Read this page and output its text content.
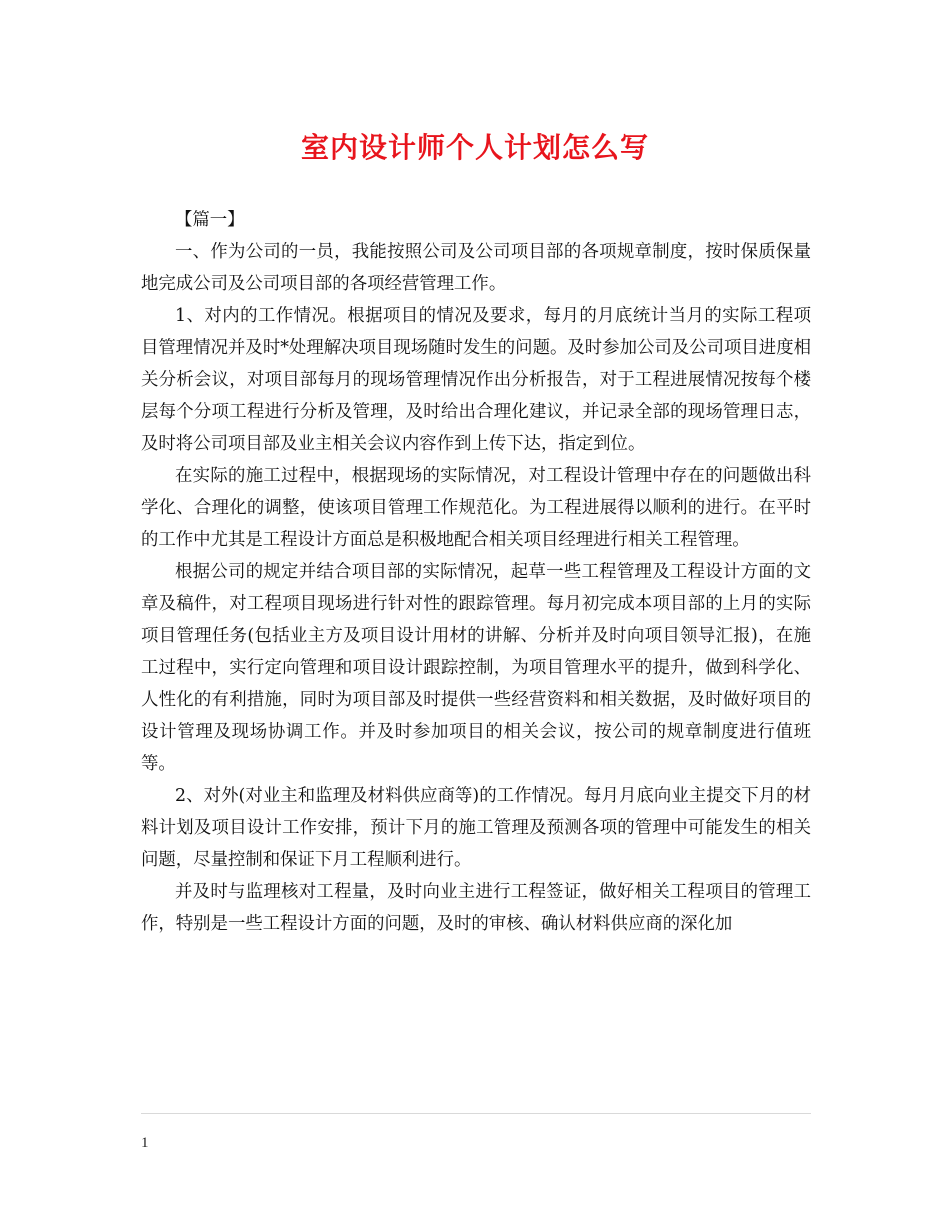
室内设计师个人计划怎么写

【篇一】

一、作为公司的一员，我能按照公司及公司项目部的各项规章制度，按时保质保量地完成公司及公司项目部的各项经营管理工作。

1、对内的工作情况。根据项目的情况及要求，每月的月底统计当月的实际工程项目管理情况并及时*处理解决项目现场随时发生的问题。及时参加公司及公司项目进度相关分析会议，对项目部每月的现场管理情况作出分析报告，对于工程进展情况按每个楼层每个分项工程进行分析及管理，及时给出合理化建议，并记录全部的现场管理日志，及时将公司项目部及业主相关会议内容作到上传下达，指定到位。

在实际的施工过程中，根据现场的实际情况，对工程设计管理中存在的问题做出科学化、合理化的调整，使该项目管理工作规范化。为工程进展得以顺利的进行。在平时的工作中尤其是工程设计方面总是积极地配合相关项目经理进行相关工程管理。

根据公司的规定并结合项目部的实际情况，起草一些工程管理及工程设计方面的文章及稿件，对工程项目现场进行针对性的跟踪管理。每月初完成本项目部的上月的实际项目管理任务(包括业主方及项目设计用材的讲解、分析并及时向项目领导汇报)，在施工过程中，实行定向管理和项目设计跟踪控制，为项目管理水平的提升，做到科学化、人性化的有利措施，同时为项目部及时提供一些经营资料和相关数据，及时做好项目的设计管理及现场协调工作。并及时参加项目的相关会议，按公司的规章制度进行值班等。

2、对外(对业主和监理及材料供应商等)的工作情况。每月月底向业主提交下月的材料计划及项目设计工作安排，预计下月的施工管理及预测各项的管理中可能发生的相关问题，尽量控制和保证下月工程顺利进行。

并及时与监理核对工程量，及时向业主进行工程签证，做好相关工程项目的管理工作，特别是一些工程设计方面的问题，及时的审核、确认材料供应商的深化加

1
